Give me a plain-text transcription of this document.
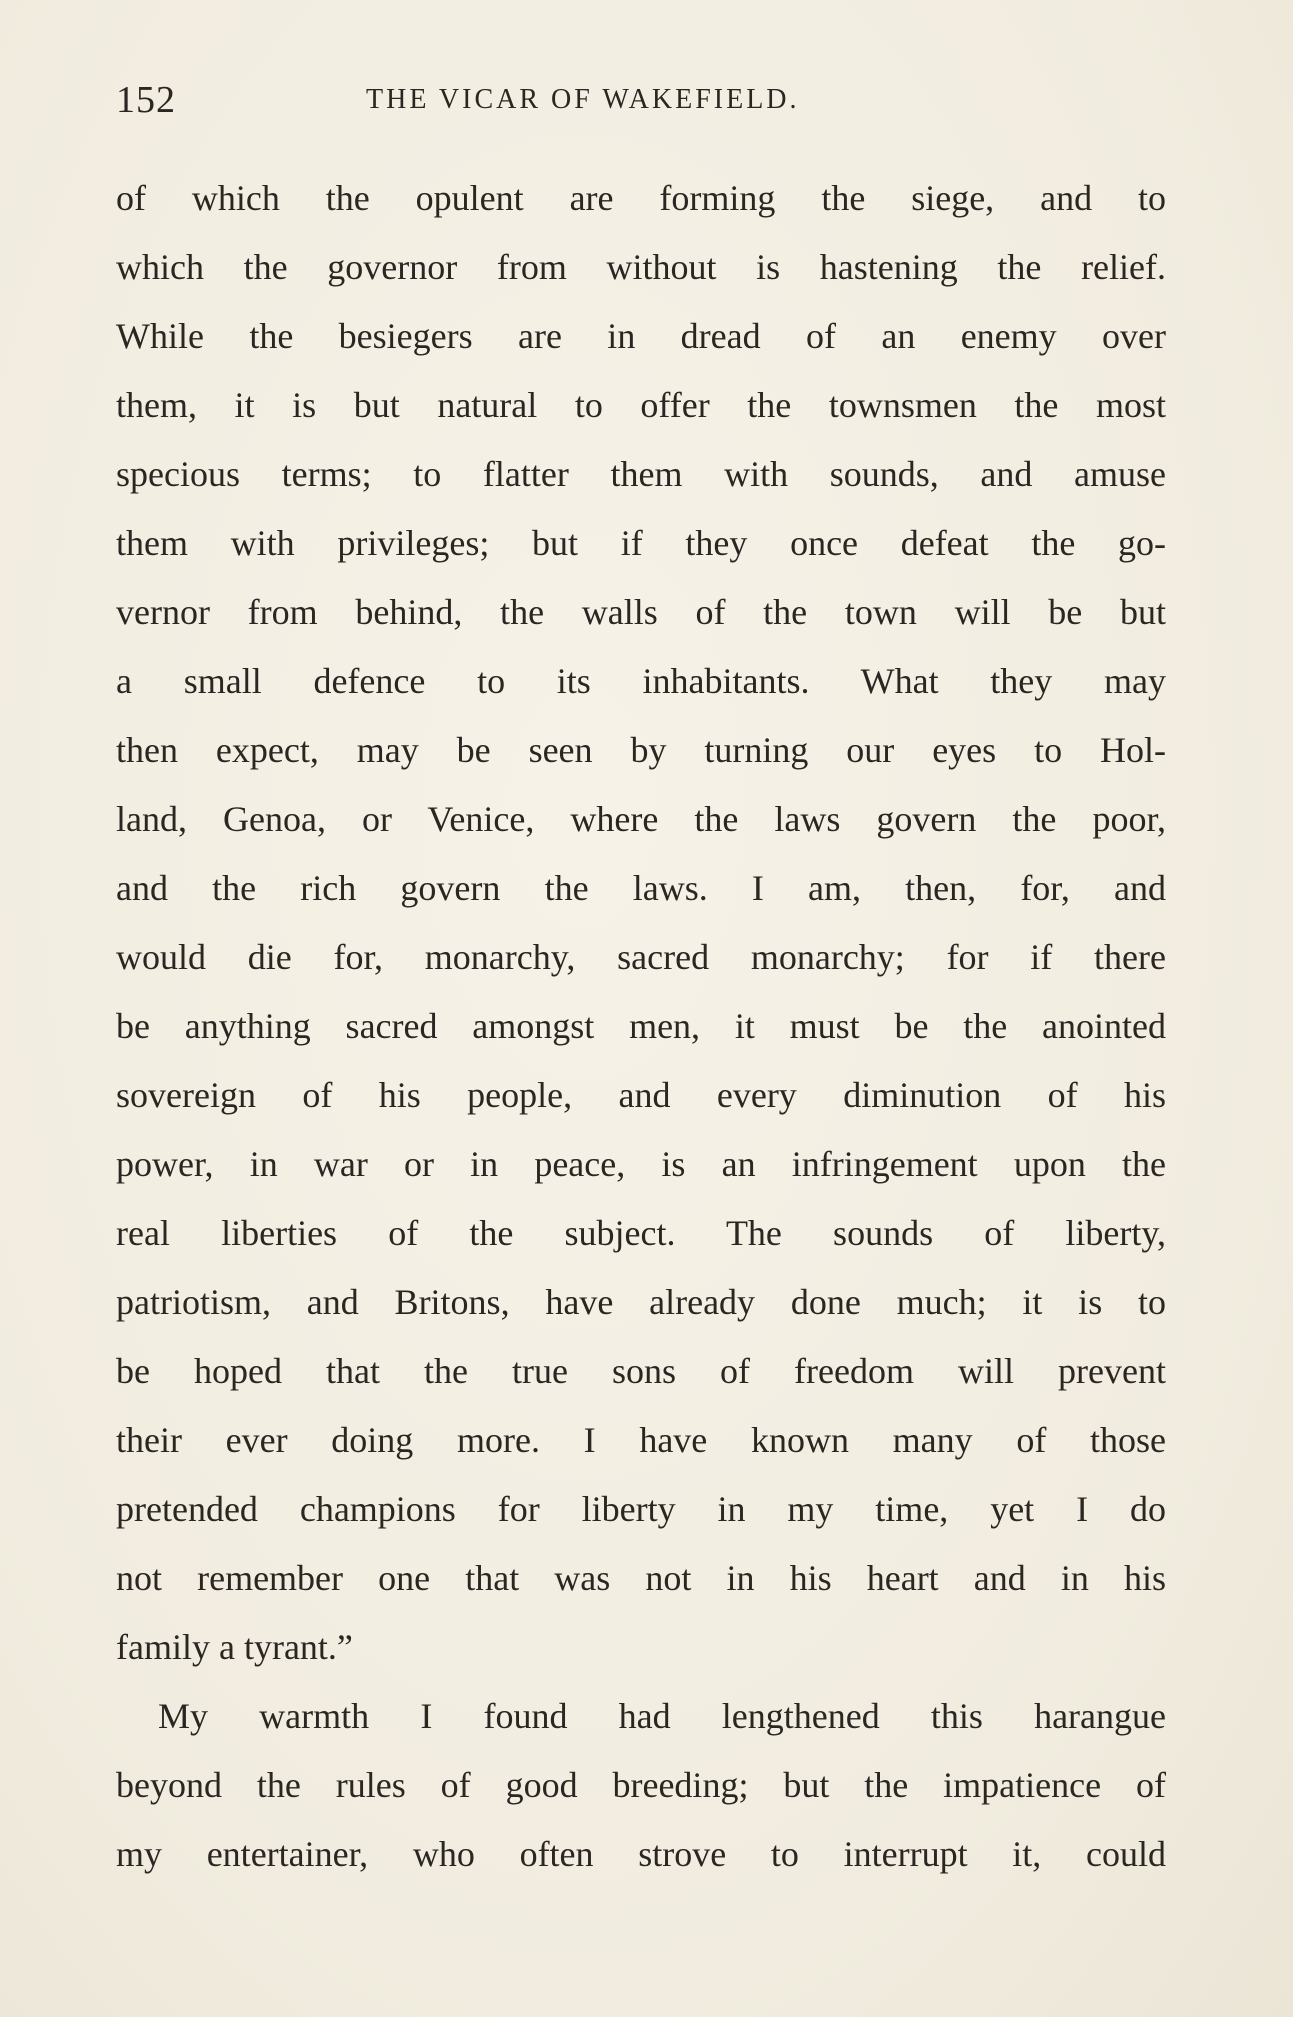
152	THE VICAR OF WAKEFIELD.
of which the opulent are forming the siege, and to
which the governor from without is hastening the relief.
While the besiegers are in dread of an enemy over
them, it is but natural to offer the townsmen the most
specious terms; to flatter them with sounds, and amuse
them with privileges; but if they once defeat the go-
vernor from behind, the walls of the town will be but
a small defence to its inhabitants. What they may
then expect, may be seen by turning our eyes to Hol-
land, Genoa, or Venice, where the laws govern the poor,
and the rich govern the laws. I am, then, for, and
would die for, monarchy, sacred monarchy; for if there
be anything sacred amongst men, it must be the anointed
sovereign of his people, and every diminution of his
power, in war or in peace, is an infringement upon the
real liberties of the subject. The sounds of liberty,
patriotism, and Britons, have already done much; it is to
be hoped that the true sons of freedom will prevent
their ever doing more. I have known many of those
pretended champions for liberty in my time, yet I do
not remember one that was not in his heart and in his
family a tyrant.”
My warmth I found had lengthened this harangue
beyond the rules of good breeding; but the impatience of
my entertainer, who often strove to interrupt it, could
